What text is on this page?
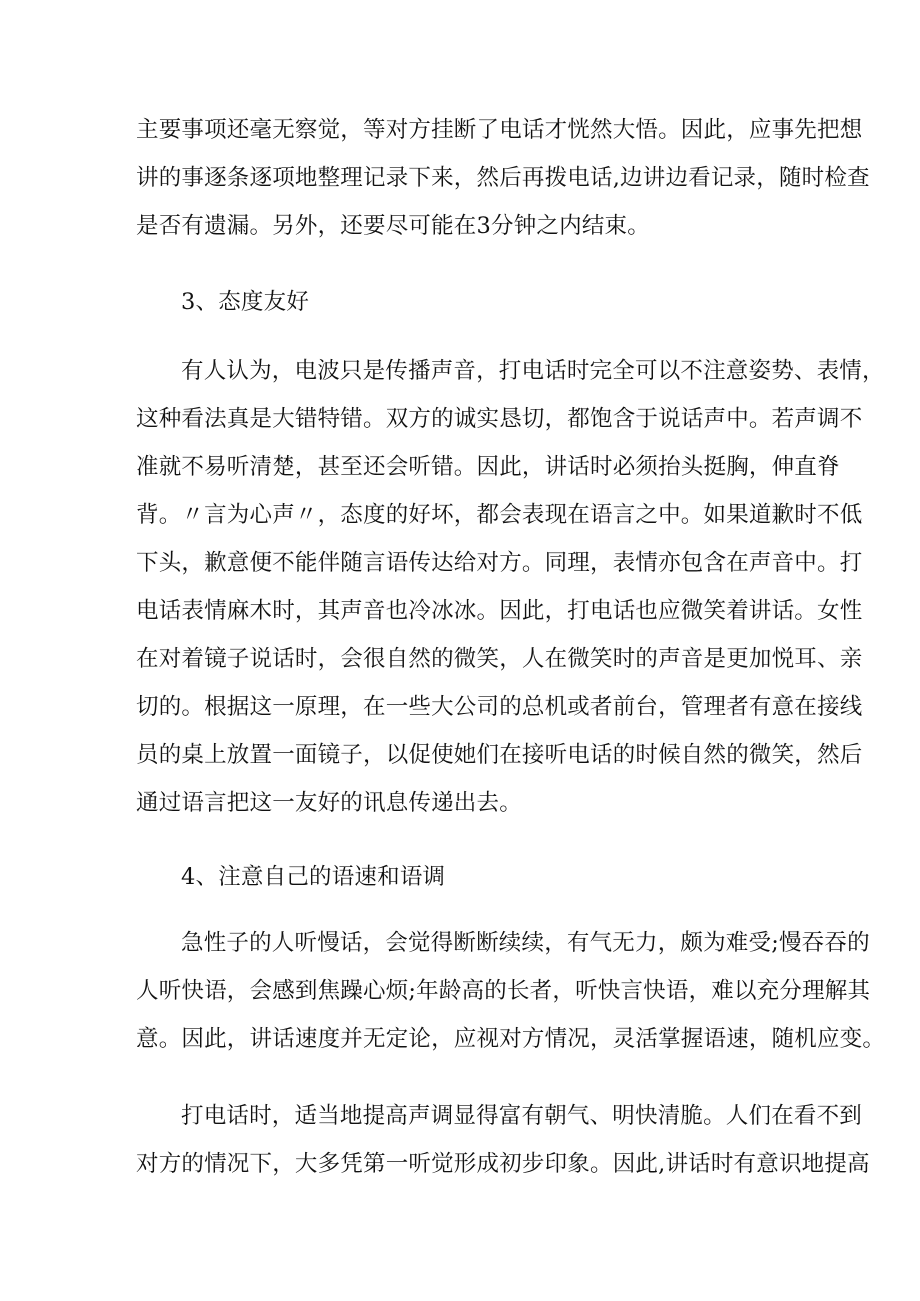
主要事项还毫无察觉，等对方挂断了电话才恍然大悟。因此，应事先把想
讲的事逐条逐项地整理记录下来，然后再拨电话,边讲边看记录，随时检查
是否有遗漏。另外，还要尽可能在3分钟之内结束。
3、态度友好
有人认为，电波只是传播声音，打电话时完全可以不注意姿势、表情，
这种看法真是大错特错。双方的诚实恳切，都饱含于说话声中。若声调不
准就不易听清楚，甚至还会听错。因此，讲话时必须抬头挺胸，伸直脊
背。〃言为心声〃，态度的好坏，都会表现在语言之中。如果道歉时不低
下头，歉意便不能伴随言语传达给对方。同理，表情亦包含在声音中。打
电话表情麻木时，其声音也冷冰冰。因此，打电话也应微笑着讲话。女性
在对着镜子说话时，会很自然的微笑，人在微笑时的声音是更加悦耳、亲
切的。根据这一原理，在一些大公司的总机或者前台，管理者有意在接线
员的桌上放置一面镜子，以促使她们在接听电话的时候自然的微笑，然后
通过语言把这一友好的讯息传递出去。
4、注意自己的语速和语调
急性子的人听慢话，会觉得断断续续，有气无力，颇为难受;慢吞吞的
人听快语，会感到焦躁心烦;年龄高的长者，听快言快语，难以充分理解其
意。因此，讲话速度并无定论，应视对方情况，灵活掌握语速，随机应变。
打电话时，适当地提高声调显得富有朝气、明快清脆。人们在看不到
对方的情况下，大多凭第一听觉形成初步印象。因此,讲话时有意识地提高
